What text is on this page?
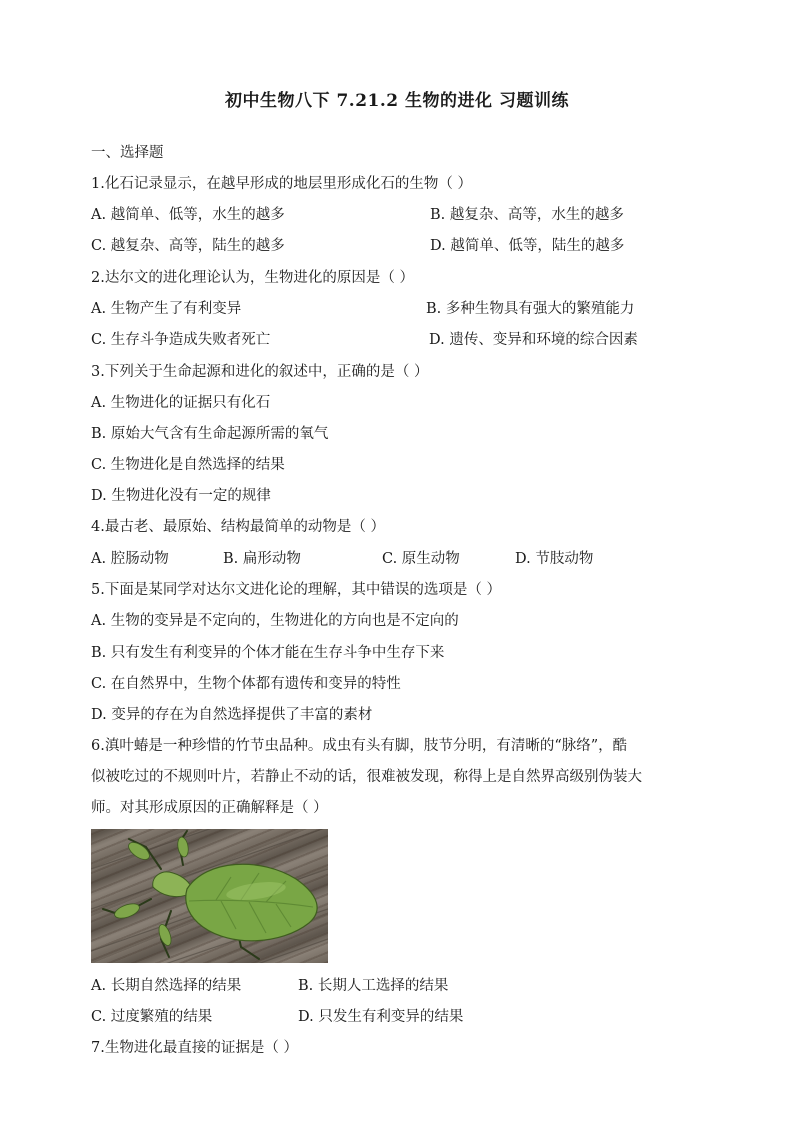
初中生物八下 7.21.2 生物的进化 习题训练
一、选择题
1.化石记录显示，在越早形成的地层里形成化石的生物（ ）
A. 越简单、低等，水生的越多	B. 越复杂、高等，水生的越多
C. 越复杂、高等，陆生的越多	D. 越简单、低等，陆生的越多
2.达尔文的进化理论认为，生物进化的原因是（ ）
A. 生物产生了有利变异	B. 多种生物具有强大的繁殖能力
C. 生存斗争造成失败者死亡	D. 遗传、变异和环境的综合因素
3.下列关于生命起源和进化的叙述中，正确的是（ ）
A. 生物进化的证据只有化石
B. 原始大气含有生命起源所需的氧气
C. 生物进化是自然选择的结果
D. 生物进化没有一定的规律
4.最古老、最原始、结构最简单的动物是（ ）
A. 腔肠动物	B. 扁形动物	C. 原生动物	D. 节肢动物
5.下面是某同学对达尔文进化论的理解，其中错误的选项是（ ）
A. 生物的变异是不定向的，生物进化的方向也是不定向的
B. 只有发生有利变异的个体才能在生存斗争中生存下来
C. 在自然界中，生物个体都有遗传和变异的特性
D. 变异的存在为自然选择提供了丰富的素材
6.滇叶蝽是一种珍惜的竹节虫品种。成虫有头有脚，肢节分明，有清晰的“脉络”，酷
似被吃过的不规则叶片，若静止不动的话，很难被发现，称得上是自然界高级别伪装大
师。对其形成原因的正确解释是（ ）
A. 长期自然选择的结果	B. 长期人工选择的结果
C. 过度繁殖的结果	D. 只发生有利变异的结果
7.生物进化最直接的证据是（ ）
